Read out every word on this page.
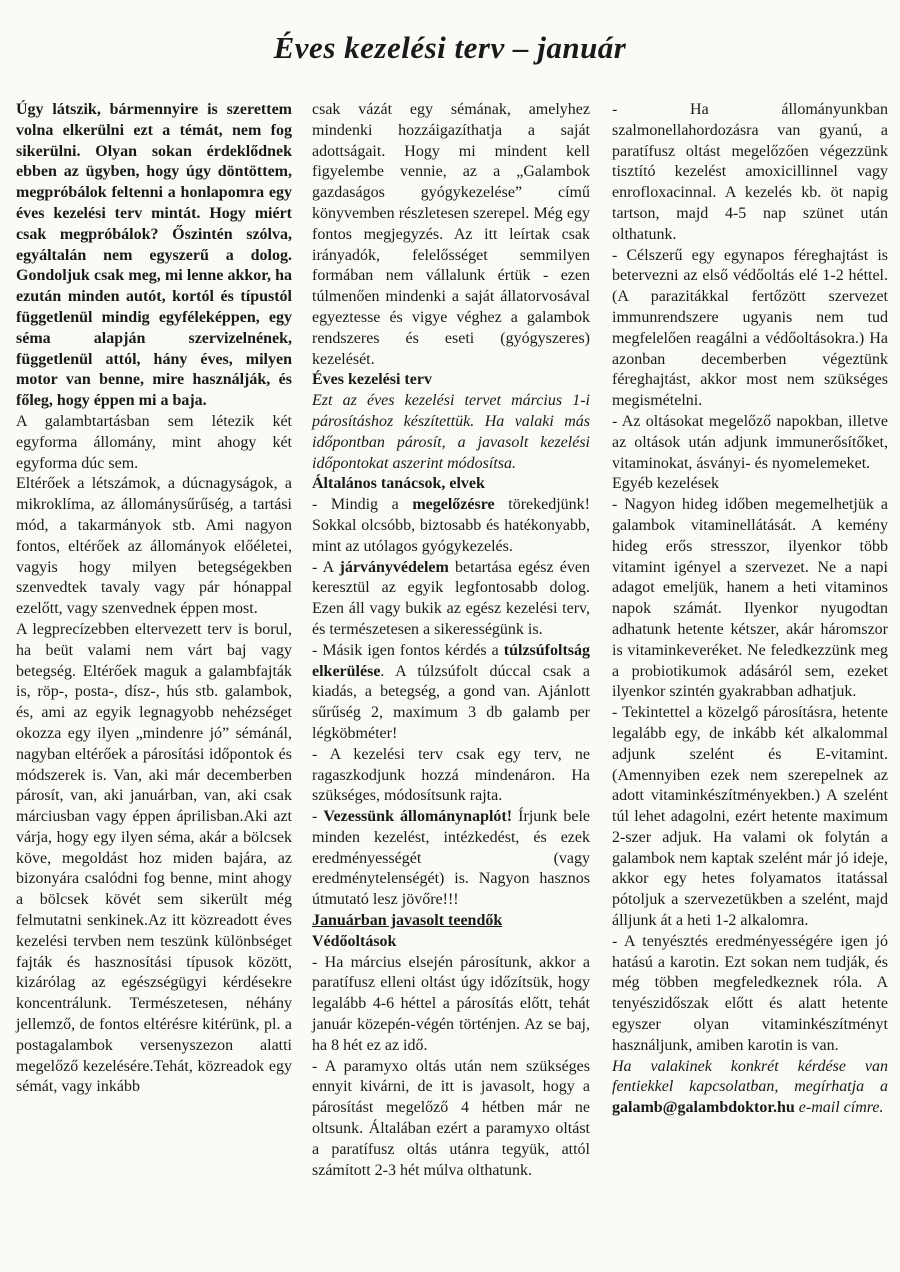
Éves kezelési terv – január

Úgy látszik, bármennyire is szerettem volna elkerülni ezt a témát, nem fog sikerülni. Olyan sokan érdeklődnek ebben az ügyben, hogy úgy döntöttem, megpróbálok feltenni a honlapomra egy éves kezelési terv mintát. Hogy miért csak megpróbálok? Őszintén szólva, egyáltalán nem egyszerű a dolog. Gondoljuk csak meg, mi lenne akkor, ha ezután minden autót, kortól és típustól függetlenül mindig egyféleképpen, egy séma alapján szervizelnének, függetlenül attól, hány éves, milyen motor van benne, mire használják, és főleg, hogy éppen mi a baja.

A galambtartásban sem létezik két egyforma állomány, mint ahogy két egyforma dúc sem.

Eltérőek a létszámok, a dúcnagyságok, a mikroklíma, az állománysűrűség, a tartási mód, a takarmányok stb. Ami nagyon fontos, eltérőek az állományok előéletei, vagyis hogy milyen betegségekben szenvedtek tavaly vagy pár hónappal ezelőtt, vagy szenvednek éppen most.

A legprecízebben eltervezett terv is borul, ha beüt valami nem várt baj vagy betegség. Eltérőek maguk a galambfajták is, röp-, posta-, dísz-, hús stb. galambok, és, ami az egyik legnagyobb nehézséget okozza egy ilyen „mindenre jó” sémánál, nagyban eltérőek a párosítási időpontok és módszerek is. Van, aki már decemberben párosít, van, aki januárban, van, aki csak márciusban vagy éppen áprilisban.Aki azt várja, hogy egy ilyen séma, akár a bölcsek köve, megoldást hoz miden bajára, az bizonyára csalódni fog benne, mint ahogy a bölcsek kövét sem sikerült még felmutatni senkinek.Az itt közreadott éves kezelési tervben nem teszünk különbséget fajták és hasznosítási típusok között, kizárólag az egészségügyi kérdésekre koncentrálunk. Természetesen, néhány jellemző, de fontos eltérésre kitérünk, pl. a postagalambok versenyszezon alatti megelőző kezelésére.Tehát, közreadok egy sémát, vagy inkább

csak vázát egy sémának, amelyhez mindenki hozzáigazíthatja a saját adottságait. Hogy mi mindent kell figyelembe vennie, az a „Galambok gazdaságos gyógykezelése” című könyvemben részletesen szerepel. Még egy fontos megjegyzés. Az itt leírtak csak irányadók, felelősséget semmilyen formában nem vállalunk értük - ezen túlmenően mindenki a saját állatorvosával egyeztesse és vigye véghez a galambok rendszeres és eseti (gyógyszeres) kezelését.

Éves kezelési terv

Ezt az éves kezelési tervet március 1-i párosításhoz készítettük. Ha valaki más időpontban párosít, a javasolt kezelési időpontokat aszerint módosítsa.

Általános tanácsok, elvek

- Mindig a megelőzésre törekedjünk! Sokkal olcsóbb, biztosabb és hatékonyabb, mint az utólagos gyógykezelés.

- A járványvédelem betartása egész éven keresztül az egyik legfontosabb dolog. Ezen áll vagy bukik az egész kezelési terv, és természetesen a sikerességünk is.

- Másik igen fontos kérdés a túlzsúfoltság elkerülése. A túlzsúfolt dúccal csak a kiadás, a betegség, a gond van. Ajánlott sűrűség 2, maximum 3 db galamb per légköbméter!

- A kezelési terv csak egy terv, ne ragaszkodjunk hozzá mindenáron. Ha szükséges, módosítsunk rajta.

- Vezessünk állománynaplót! Írjunk bele minden kezelést, intézkedést, és ezek eredményességét (vagy eredménytelenségét) is. Nagyon hasznos útmutató lesz jövőre!!!

Januárban javasolt teendők

Védőoltások

- Ha március elsején párosítunk, akkor a paratífusz elleni oltást úgy időzítsük, hogy legalább 4-6 héttel a párosítás előtt, tehát január közepén-végén történjen. Az se baj, ha 8 hét ez az idő.

- A paramyxo oltás után nem szükséges ennyit kivárni, de itt is javasolt, hogy a párosítást megelőző 4 hétben már ne oltsunk. Általában ezért a paramyxo oltást a paratífusz oltás utánra tegyük, attól számított 2-3 hét múlva olthatunk.

- Ha állományunkban szalmonellahordozásra van gyanú, a paratífusz oltást megelőzően végezzünk tisztító kezelést amoxicillinnel vagy enrofloxacinnal. A kezelés kb. öt napig tartson, majd 4-5 nap szünet után olthatunk.

- Célszerű egy egynapos féreghajtást is betervezni az első védőoltás elé 1-2 héttel. (A parazitákkal fertőzött szervezet immunrendszere ugyanis nem tud megfelelően reagálni a védőoltásokra.) Ha azonban decemberben végeztünk féreghajtást, akkor most nem szükséges megismételni.

- Az oltásokat megelőző napokban, illetve az oltások után adjunk immunerősítőket, vitaminokat, ásványi- és nyomelemeket.

Egyéb kezelések

- Nagyon hideg időben megemelhetjük a galambok vitaminellátását. A kemény hideg erős stresszor, ilyenkor több vitamint igényel a szervezet. Ne a napi adagot emeljük, hanem a heti vitaminos napok számát. Ilyenkor nyugodtan adhatunk hetente kétszer, akár háromszor is vitaminkeveréket. Ne feledkezzünk meg a probiotikumok adásáról sem, ezeket ilyenkor szintén gyakrabban adhatjuk.

- Tekintettel a közelgő párosításra, hetente legalább egy, de inkább két alkalommal adjunk szelént és E-vitamint. (Amennyiben ezek nem szerepelnek az adott vitaminkészítményekben.) A szelént túl lehet adagolni, ezért hetente maximum 2-szer adjuk. Ha valami ok folytán a galambok nem kaptak szelént már jó ideje, akkor egy hetes folyamatos itatással pótoljuk a szervezetükben a szelént, majd álljunk át a heti 1-2 alkalomra.

- A tenyésztés eredményességére igen jó hatású a karotin. Ezt sokan nem tudják, és még többen megfeledkeznek róla. A tenyészidőszak előtt és alatt hetente egyszer olyan vitaminkészítményt használjunk, amiben karotin is van.

Ha valakinek konkrét kérdése van fentiekkel kapcsolatban, megírhatja a galamb@galambdoktor.hu e-mail címre.
